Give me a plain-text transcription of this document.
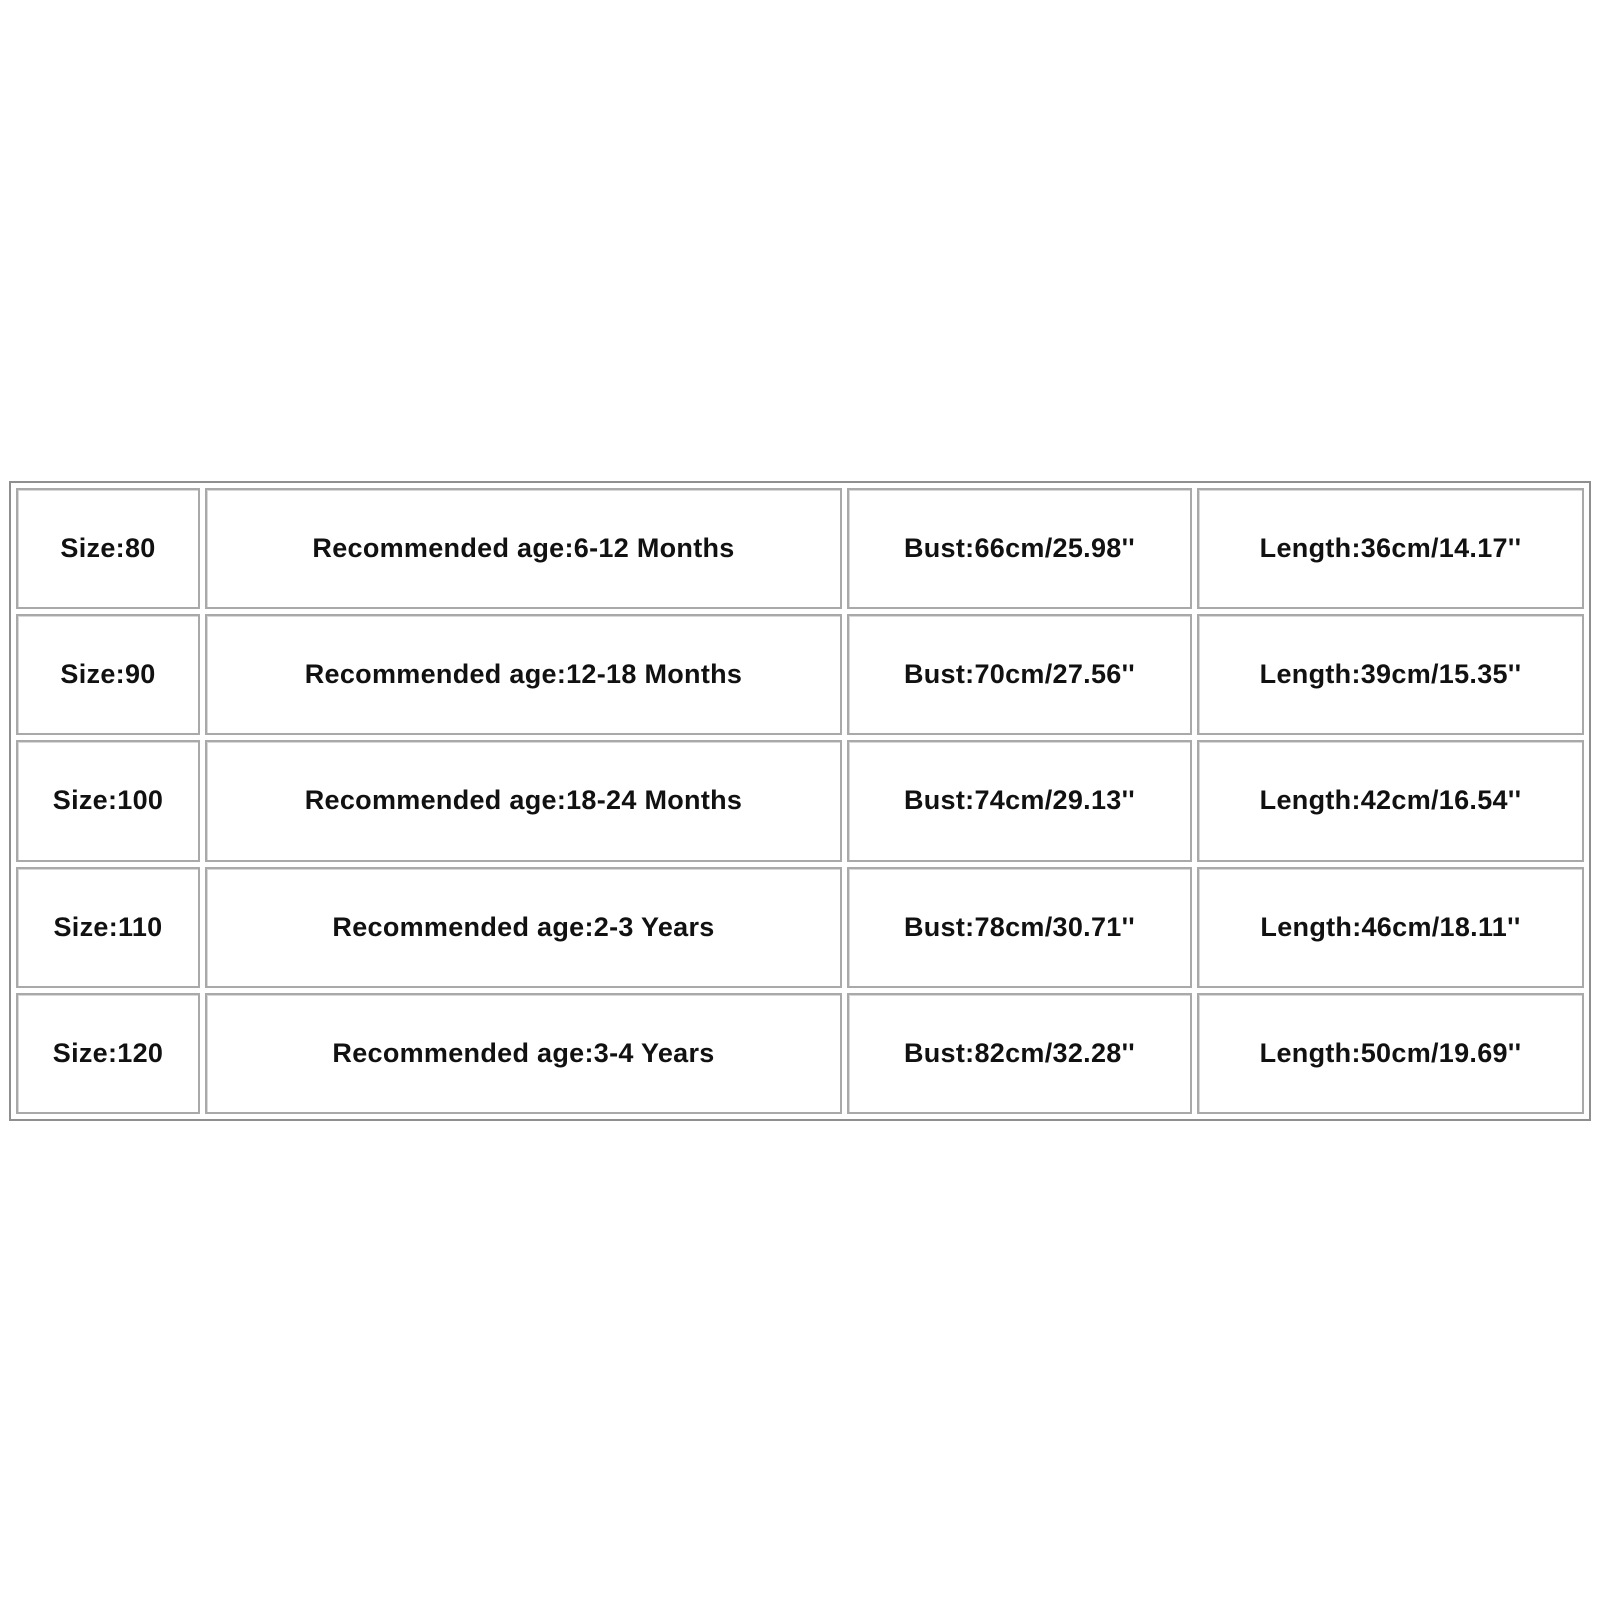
Size:80	Recommended age:6-12 Months	Bust:66cm/25.98''	Length:36cm/14.17''
Size:90	Recommended age:12-18 Months	Bust:70cm/27.56''	Length:39cm/15.35''
Size:100	Recommended age:18-24 Months	Bust:74cm/29.13''	Length:42cm/16.54''
Size:110	Recommended age:2-3 Years	Bust:78cm/30.71''	Length:46cm/18.11''
Size:120	Recommended age:3-4 Years	Bust:82cm/32.28''	Length:50cm/19.69''
